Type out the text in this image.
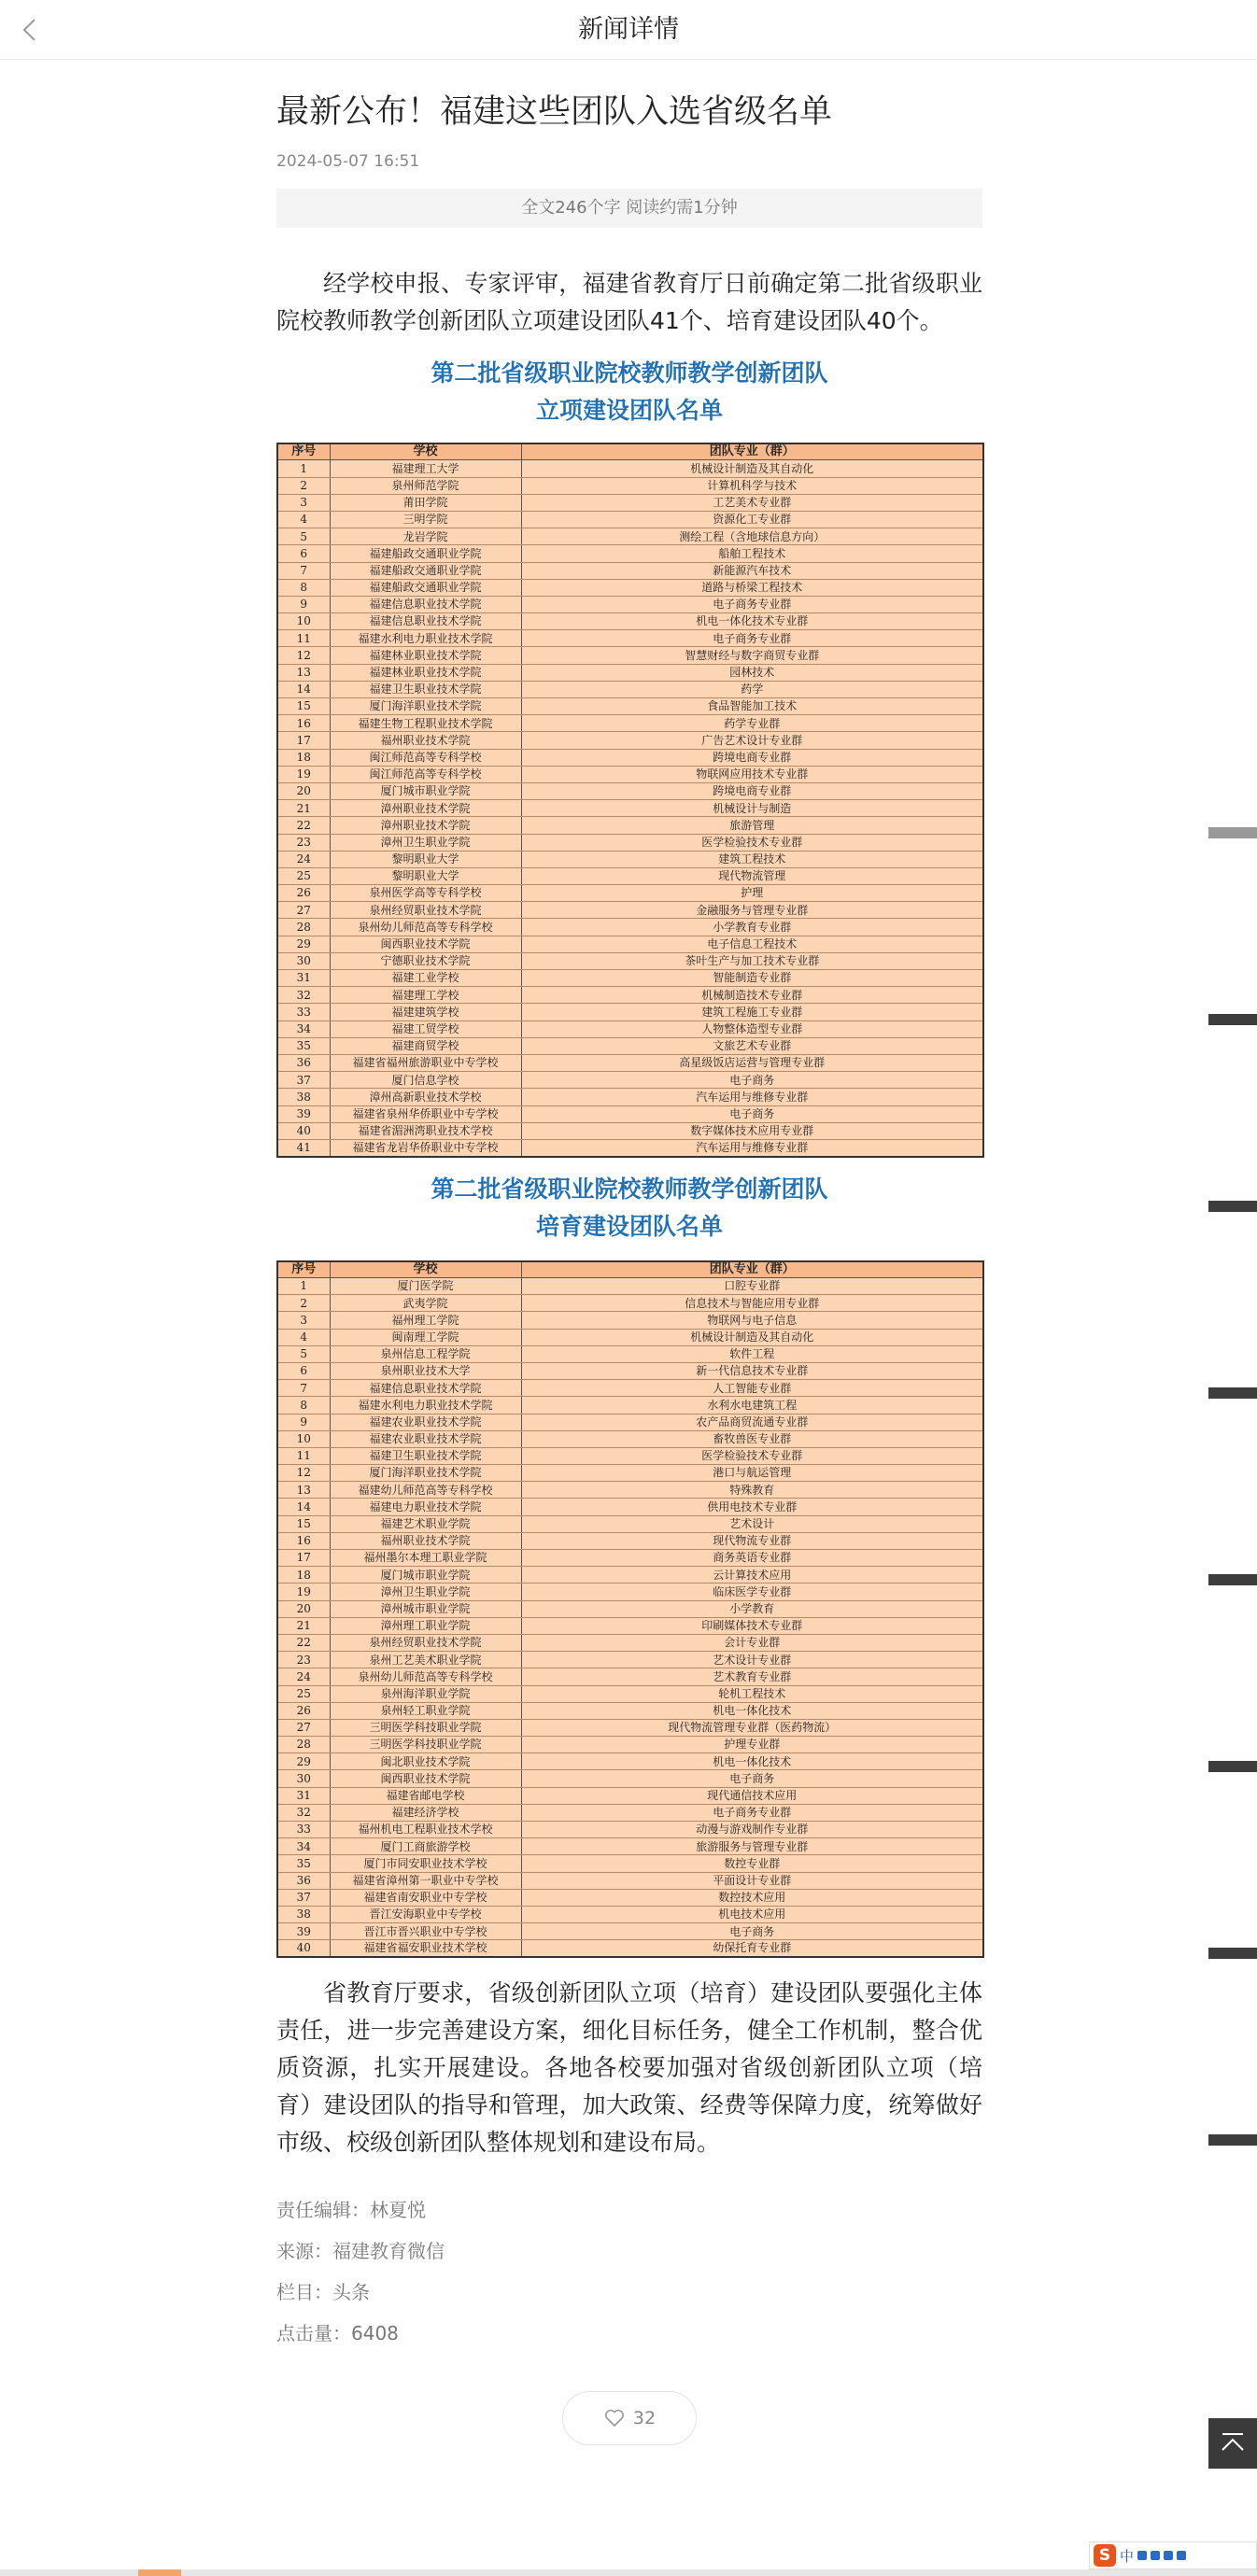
新闻详情
最新公布！福建这些团队入选省级名单
2024-05-07 16:51
全文246个字 阅读约需1分钟

经学校申报、专家评审，福建省教育厅日前确定第二批省级职业院校教师教学创新团队立项建设团队41个、培育建设团队40个。

第二批省级职业院校教师教学创新团队
立项建设团队名单
序号	学校	团队专业（群）
1	福建理工大学	机械设计制造及其自动化
2	泉州师范学院	计算机科学与技术
3	莆田学院	工艺美术专业群
4	三明学院	资源化工专业群
5	龙岩学院	测绘工程（含地球信息方向）
6	福建船政交通职业学院	船舶工程技术
7	福建船政交通职业学院	新能源汽车技术
8	福建船政交通职业学院	道路与桥梁工程技术
9	福建信息职业技术学院	电子商务专业群
10	福建信息职业技术学院	机电一体化技术专业群
11	福建水利电力职业技术学院	电子商务专业群
12	福建林业职业技术学院	智慧财经与数字商贸专业群
13	福建林业职业技术学院	园林技术
14	福建卫生职业技术学院	药学
15	厦门海洋职业技术学院	食品智能加工技术
16	福建生物工程职业技术学院	药学专业群
17	福州职业技术学院	广告艺术设计专业群
18	闽江师范高等专科学校	跨境电商专业群
19	闽江师范高等专科学校	物联网应用技术专业群
20	厦门城市职业学院	跨境电商专业群
21	漳州职业技术学院	机械设计与制造
22	漳州职业技术学院	旅游管理
23	漳州卫生职业学院	医学检验技术专业群
24	黎明职业大学	建筑工程技术
25	黎明职业大学	现代物流管理
26	泉州医学高等专科学校	护理
27	泉州经贸职业技术学院	金融服务与管理专业群
28	泉州幼儿师范高等专科学校	小学教育专业群
29	闽西职业技术学院	电子信息工程技术
30	宁德职业技术学院	茶叶生产与加工技术专业群
31	福建工业学校	智能制造专业群
32	福建理工学校	机械制造技术专业群
33	福建建筑学校	建筑工程施工专业群
34	福建工贸学校	人物整体造型专业群
35	福建商贸学校	文旅艺术专业群
36	福建省福州旅游职业中专学校	高星级饭店运营与管理专业群
37	厦门信息学校	电子商务
38	漳州高新职业技术学校	汽车运用与维修专业群
39	福建省泉州华侨职业中专学校	电子商务
40	福建省湄洲湾职业技术学校	数字媒体技术应用专业群
41	福建省龙岩华侨职业中专学校	汽车运用与维修专业群
第二批省级职业院校教师教学创新团队
培育建设团队名单
序号	学校	团队专业（群）
1	厦门医学院	口腔专业群
2	武夷学院	信息技术与智能应用专业群
3	福州理工学院	物联网与电子信息
4	闽南理工学院	机械设计制造及其自动化
5	泉州信息工程学院	软件工程
6	泉州职业技术大学	新一代信息技术专业群
7	福建信息职业技术学院	人工智能专业群
8	福建水利电力职业技术学院	水利水电建筑工程
9	福建农业职业技术学院	农产品商贸流通专业群
10	福建农业职业技术学院	畜牧兽医专业群
11	福建卫生职业技术学院	医学检验技术专业群
12	厦门海洋职业技术学院	港口与航运管理
13	福建幼儿师范高等专科学校	特殊教育
14	福建电力职业技术学院	供用电技术专业群
15	福建艺术职业学院	艺术设计
16	福州职业技术学院	现代物流专业群
17	福州墨尔本理工职业学院	商务英语专业群
18	厦门城市职业学院	云计算技术应用
19	漳州卫生职业学院	临床医学专业群
20	漳州城市职业学院	小学教育
21	漳州理工职业学院	印刷媒体技术专业群
22	泉州经贸职业技术学院	会计专业群
23	泉州工艺美术职业学院	艺术设计专业群
24	泉州幼儿师范高等专科学校	艺术教育专业群
25	泉州海洋职业学院	轮机工程技术
26	泉州轻工职业学院	机电一体化技术
27	三明医学科技职业学院	现代物流管理专业群（医药物流）
28	三明医学科技职业学院	护理专业群
29	闽北职业技术学院	机电一体化技术
30	闽西职业技术学院	电子商务
31	福建省邮电学校	现代通信技术应用
32	福建经济学校	电子商务专业群
33	福州机电工程职业技术学校	动漫与游戏制作专业群
34	厦门工商旅游学校	旅游服务与管理专业群
35	厦门市同安职业技术学校	数控专业群
36	福建省漳州第一职业中专学校	平面设计专业群
37	福建省南安职业中专学校	数控技术应用
38	晋江安海职业中专学校	机电技术应用
39	晋江市晋兴职业中专学校	电子商务
40	福建省福安职业技术学校	幼保托育专业群

省教育厅要求，省级创新团队立项（培育）建设团队要强化主体责任，进一步完善建设方案，细化目标任务，健全工作机制，整合优质资源，扎实开展建设。各地各校要加强对省级创新团队立项（培育）建设团队的指导和管理，加大政策、经费等保障力度，统筹做好市级、校级创新团队整体规划和建设布局。

责任编辑：林夏悦
来源：福建教育微信
栏目：头条
点击量：6408
32
S 中
